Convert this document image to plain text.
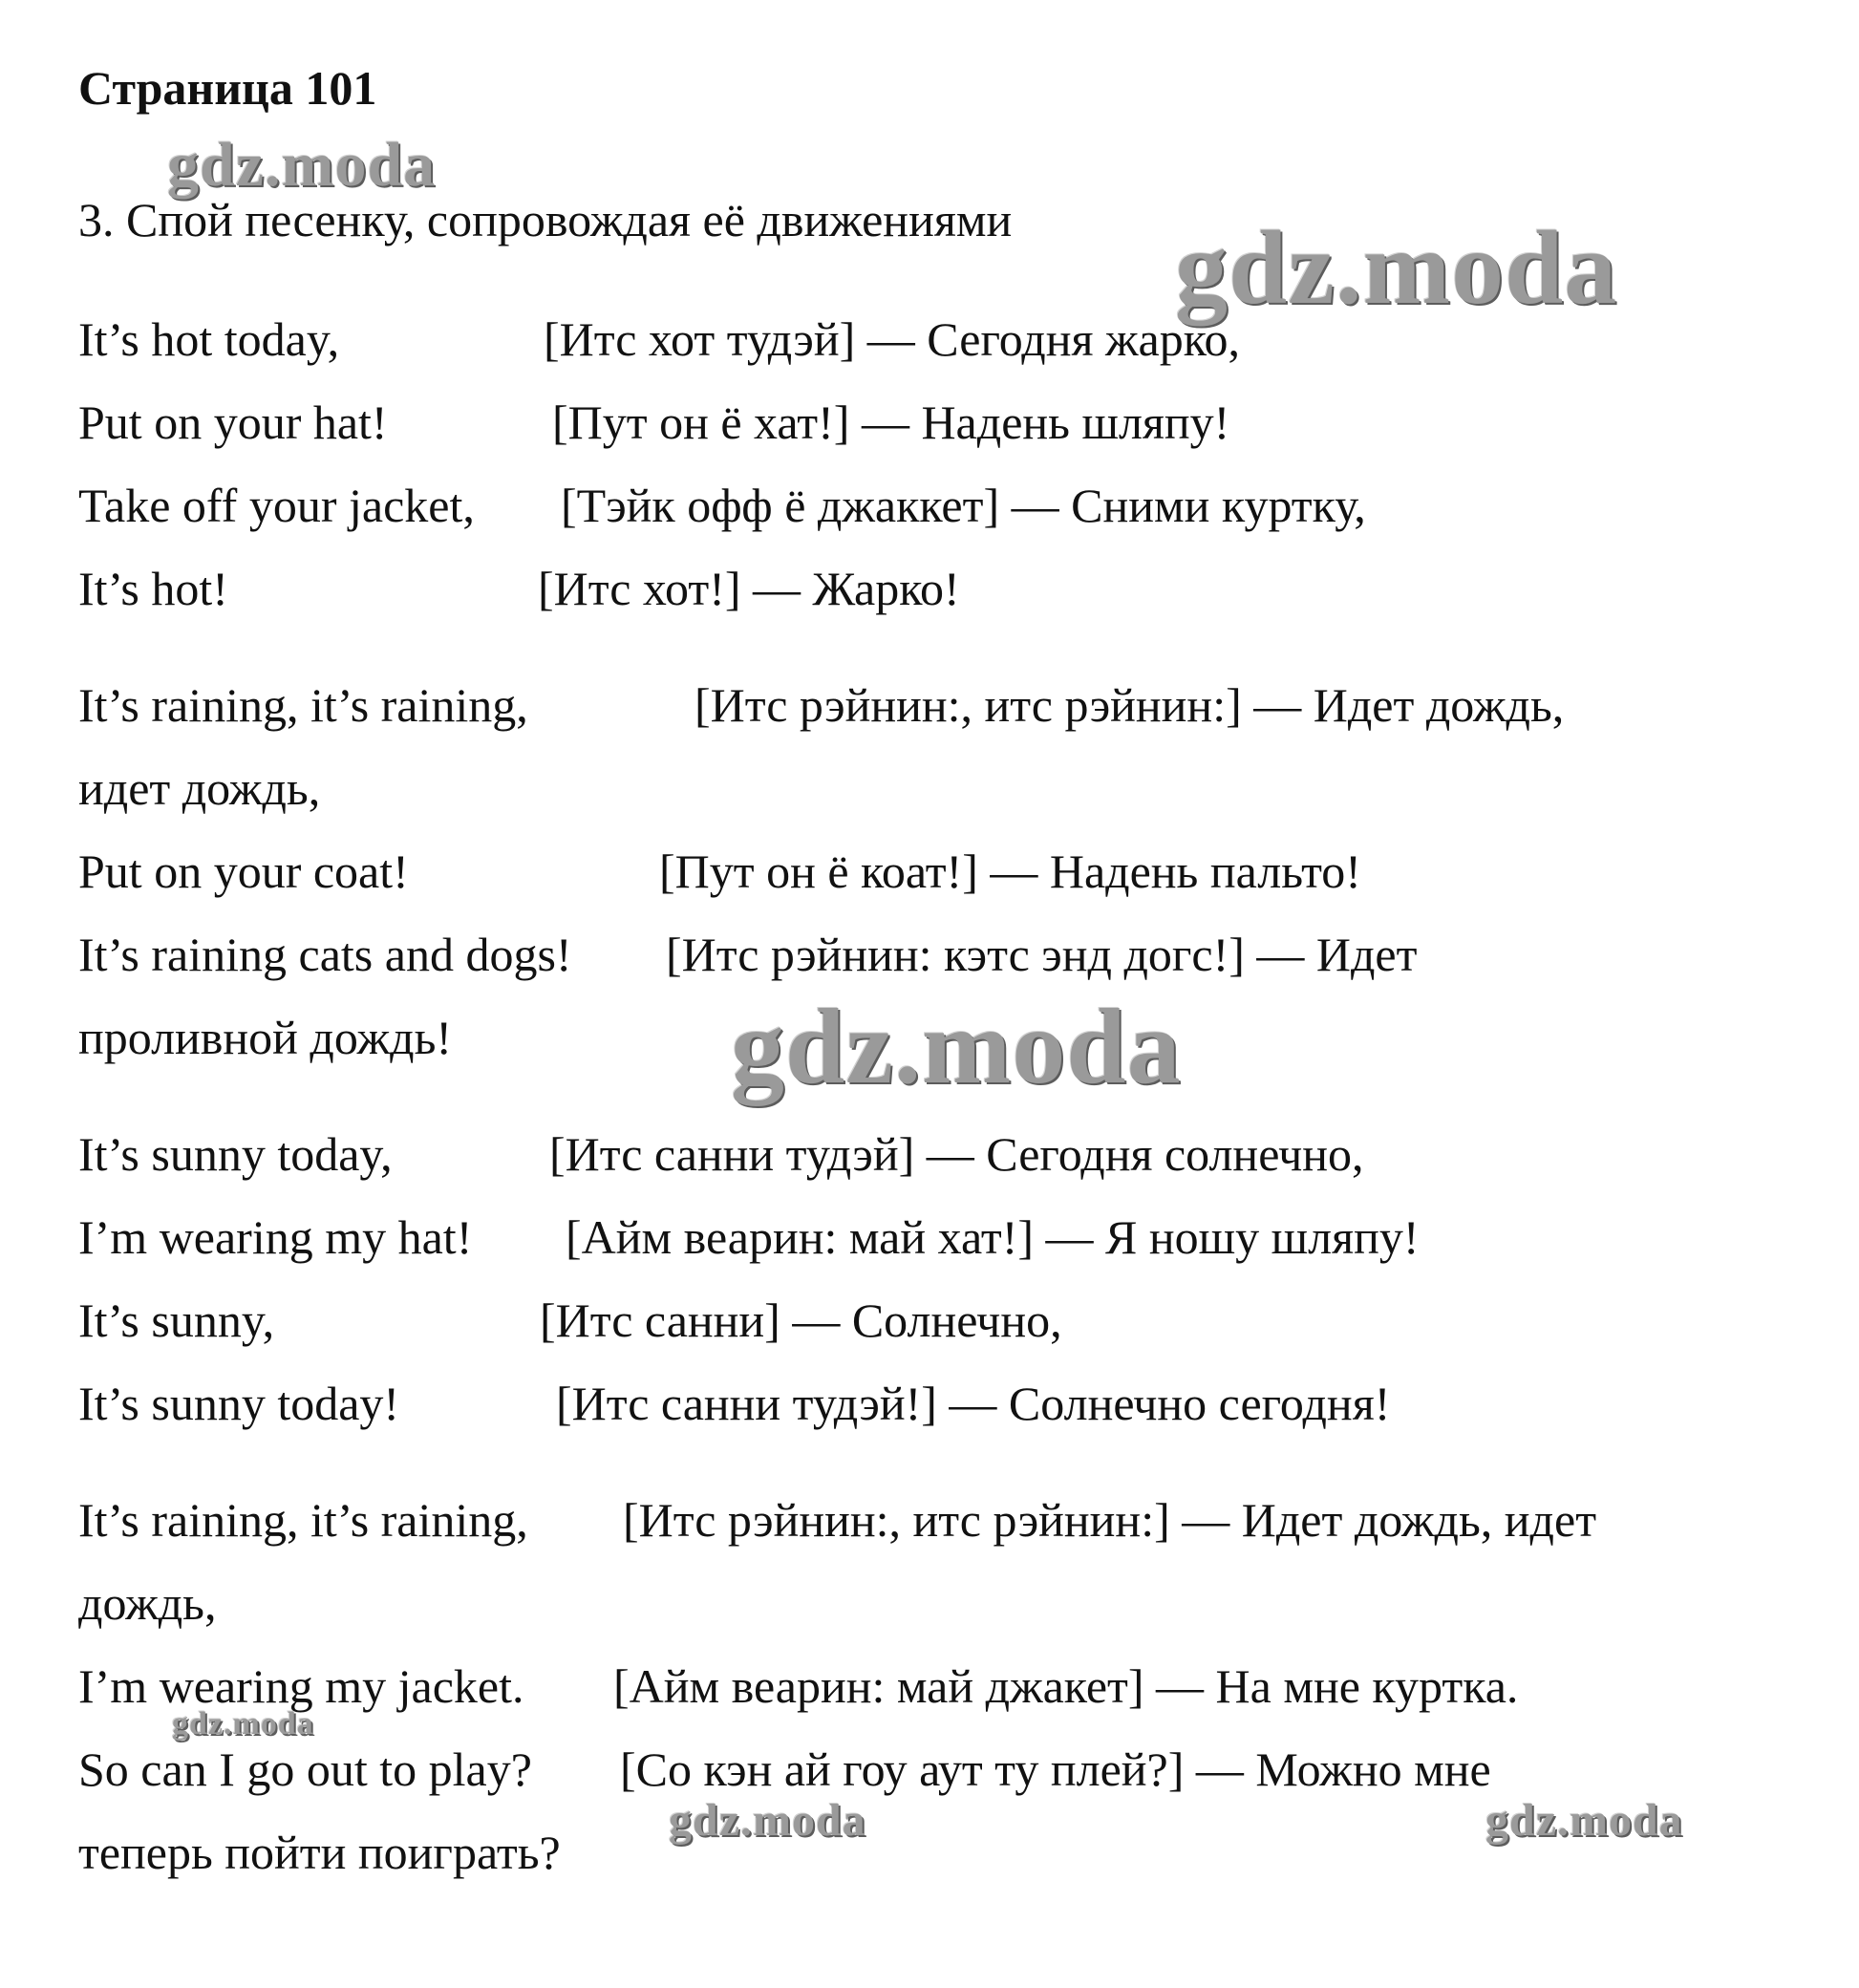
Страница 101
3. Спой песенку, сопровождая её движениями
It’s hot today,	[Итс хот тудэй] — Сегодня жарко,
Put on your hat!	[Пут он ё хат!] — Надень шляпу!
Take off your jacket, [Тэйк офф ё джаккет] — Сними куртку,
It’s hot!	[Итс хот!] — Жарко!
It’s raining, it’s raining,	[Итс рэйнин:, итс рэйнин:] — Идет дождь,
идет дождь,
Put on your coat!	[Пут он ё коат!] — Надень пальто!
It’s raining cats and dogs! [Итс рэйнин: кэтс энд догс!] — Идет
проливной дождь!
It’s sunny today,	[Итс санни тудэй] — Сегодня солнечно,
I’m wearing my hat! [Айм веарин: май хат!] — Я ношу шляпу!
It’s sunny,	[Итс санни] — Солнечно,
It’s sunny today!	[Итс санни тудэй!] — Солнечно сегодня!
It’s raining, it’s raining, [Итс рэйнин:, итс рэйнин:] — Идет дождь, идет
дождь,
I’m wearing my jacket. [Айм веарин: май джакет] — На мне куртка.
So can I go out to play? [Со кэн ай гоу аут ту плей?] — Можно мне
теперь пойти поиграть?
gdz.moda
gdz.moda
gdz.moda
gdz.moda
gdz.moda	gdz.moda
